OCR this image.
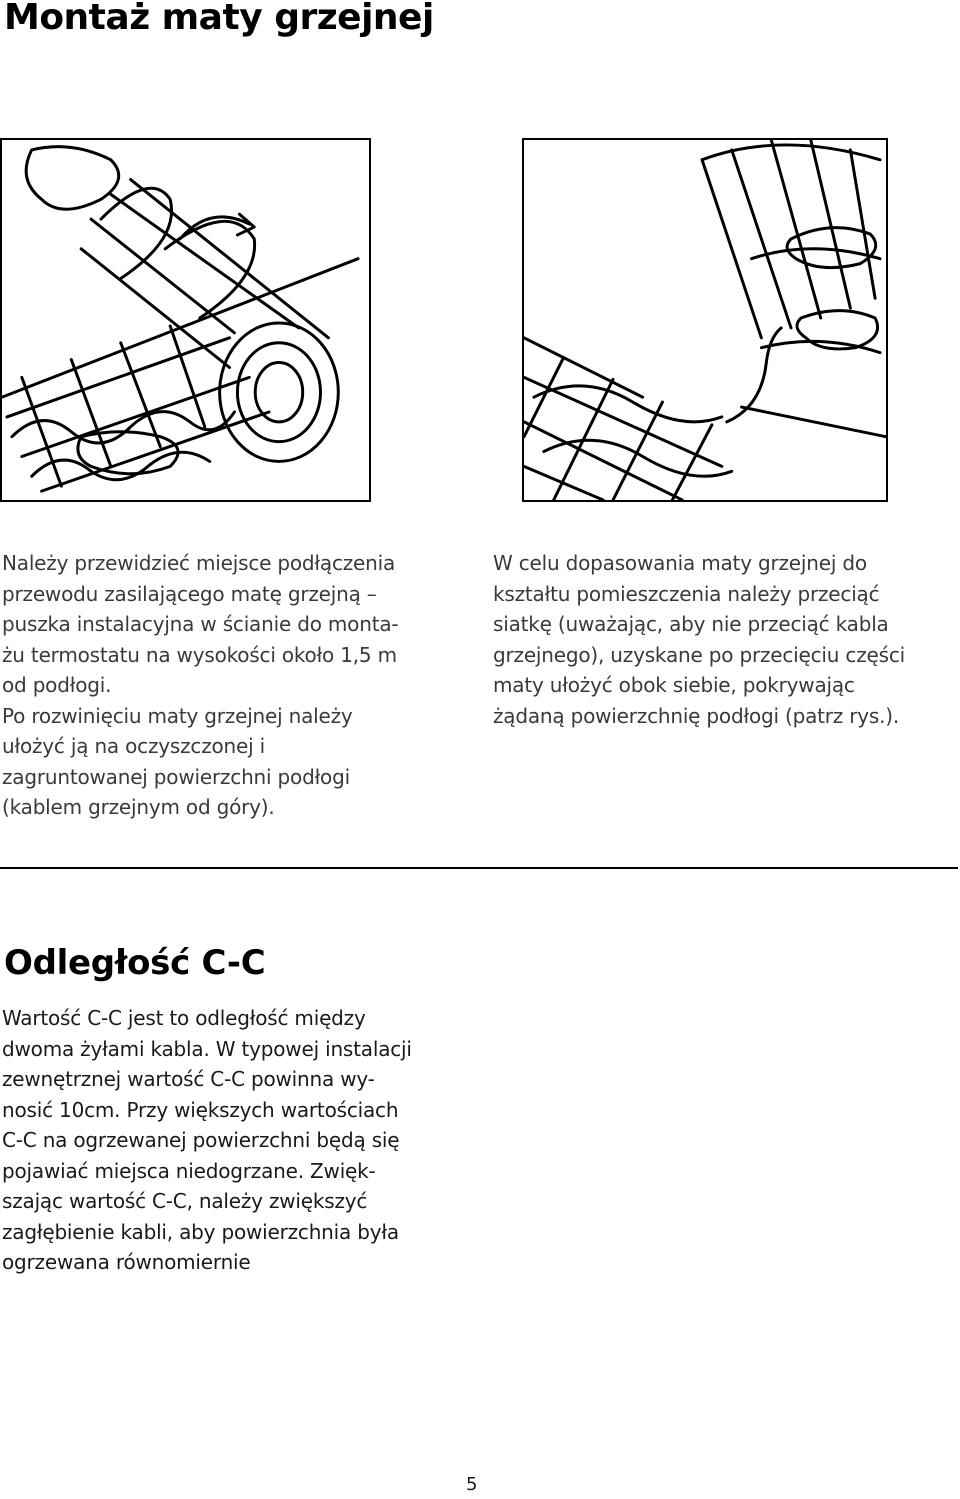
Montaż maty grzejnej

Należy przewidzieć miejsce podłączenia

przewodu zasilającego matę grzejną –

puszka instalacyjna w ścianie do monta-

żu termostatu na wysokości około 1,5 m

od podłogi.

Po rozwinięciu maty grzejnej należy

ułożyć ją na oczyszczonej i

zagruntowanej powierzchni podłogi

(kablem grzejnym od góry).

W celu dopasowania maty grzejnej do

kształtu pomieszczenia należy przeciąć

siatkę (uważając, aby nie przeciąć kabla

grzejnego), uzyskane po przecięciu części

maty ułożyć obok siebie, pokrywając

żądaną powierzchnię podłogi (patrz rys.).

Odległość C-C

Wartość C-C jest to odległość między

dwoma żyłami kabla. W typowej instalacji

zewnętrznej wartość C-C powinna wy-

nosić 10cm. Przy większych wartościach

C-C na ogrzewanej powierzchni będą się

pojawiać miejsca niedogrzane. Zwięk-

szając wartość C-C, należy zwiększyć

zagłębienie kabli, aby powierzchnia była

ogrzewana równomiernie

5
